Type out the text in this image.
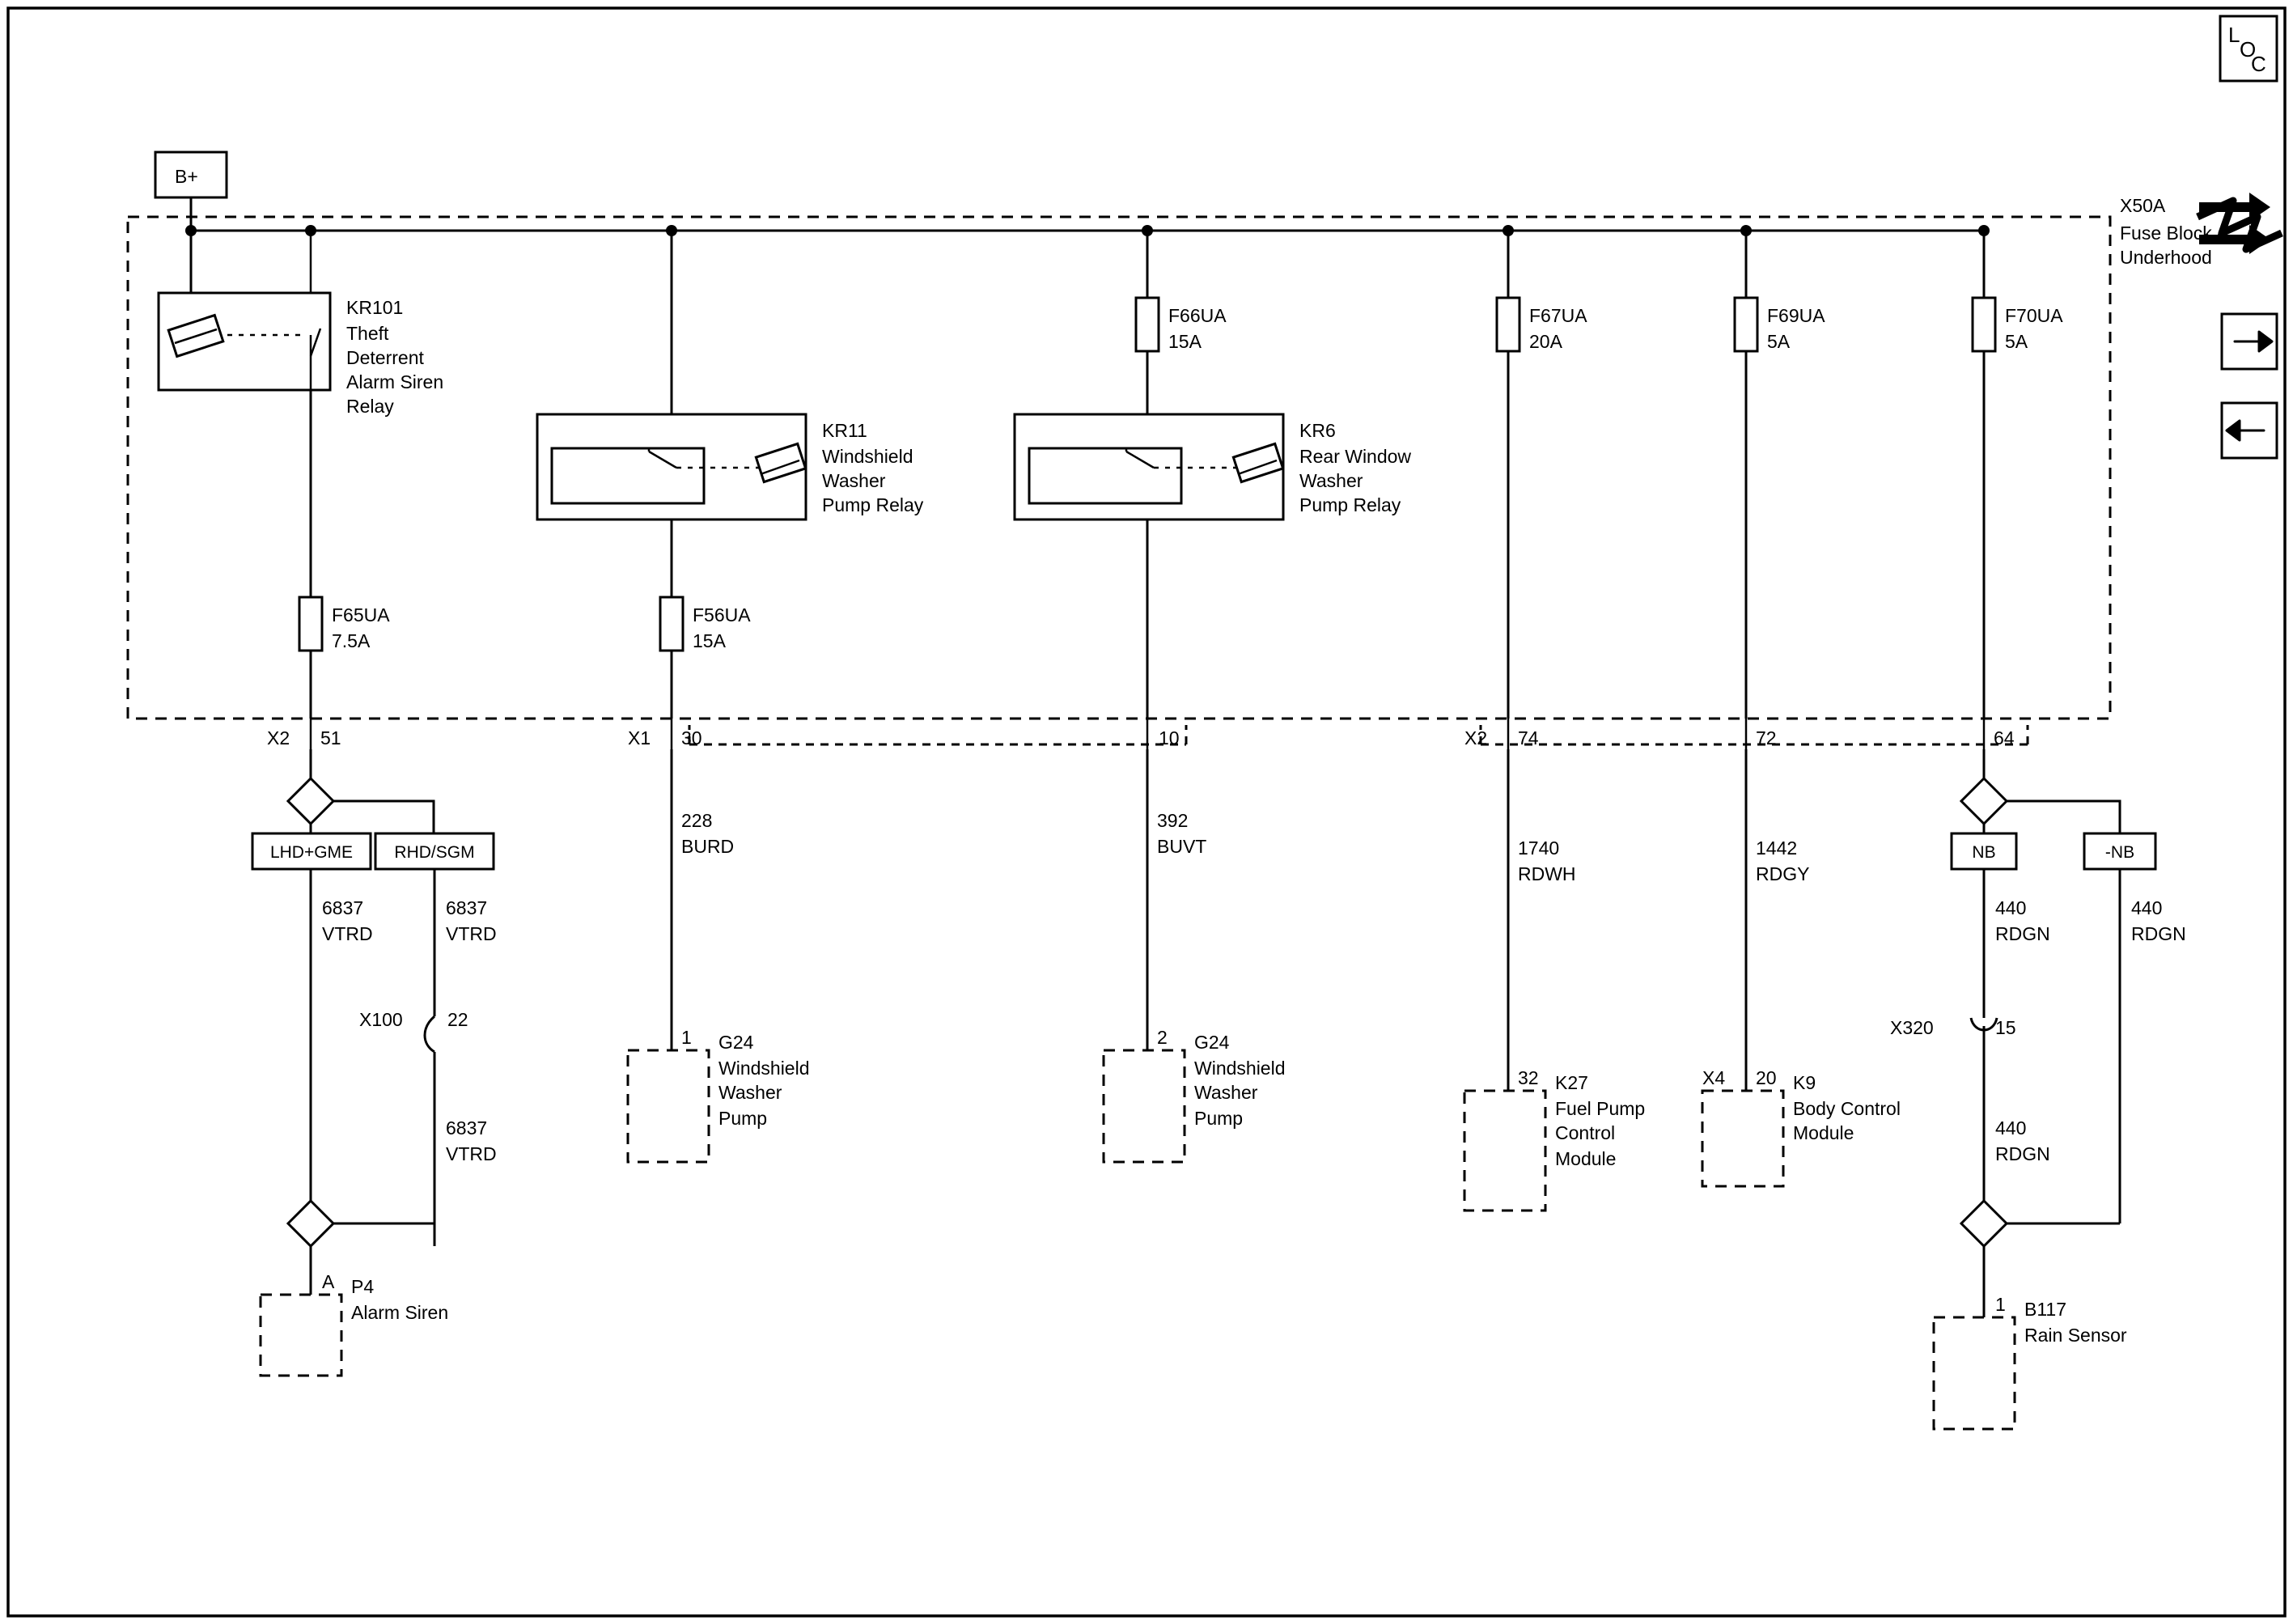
L
O
C
B+
X50A
Fuse Block -
Underhood
KR101
Theft
Deterrent
Alarm Siren
Relay
F65UA
7.5A
KR11
Windshield
Washer
Pump Relay
F56UA
15A
KR6
Rear Window
Washer
Pump Relay
F66UA
15A
F67UA
20A
F69UA
5A
F70UA
5A
X2 51	X1 30	10	X2 74	72	64
LHD+GME RHD/SGM
6837
VTRD
6837
VTRD
X100 22
6837
VTRD
A P4
Alarm Siren
228
BURD
1 G24
Windshield
Washer
Pump
392
BUVT
2 G24
Windshield
Washer
Pump
1740
RDWH
32 K27
Fuel Pump
Control
Module
1442
RDGY
X4 20 K9
Body Control
Module
NB	-NB
440
RDGN
440
RDGN
X320	15
440
RDGN
1 B117
Rain Sensor
